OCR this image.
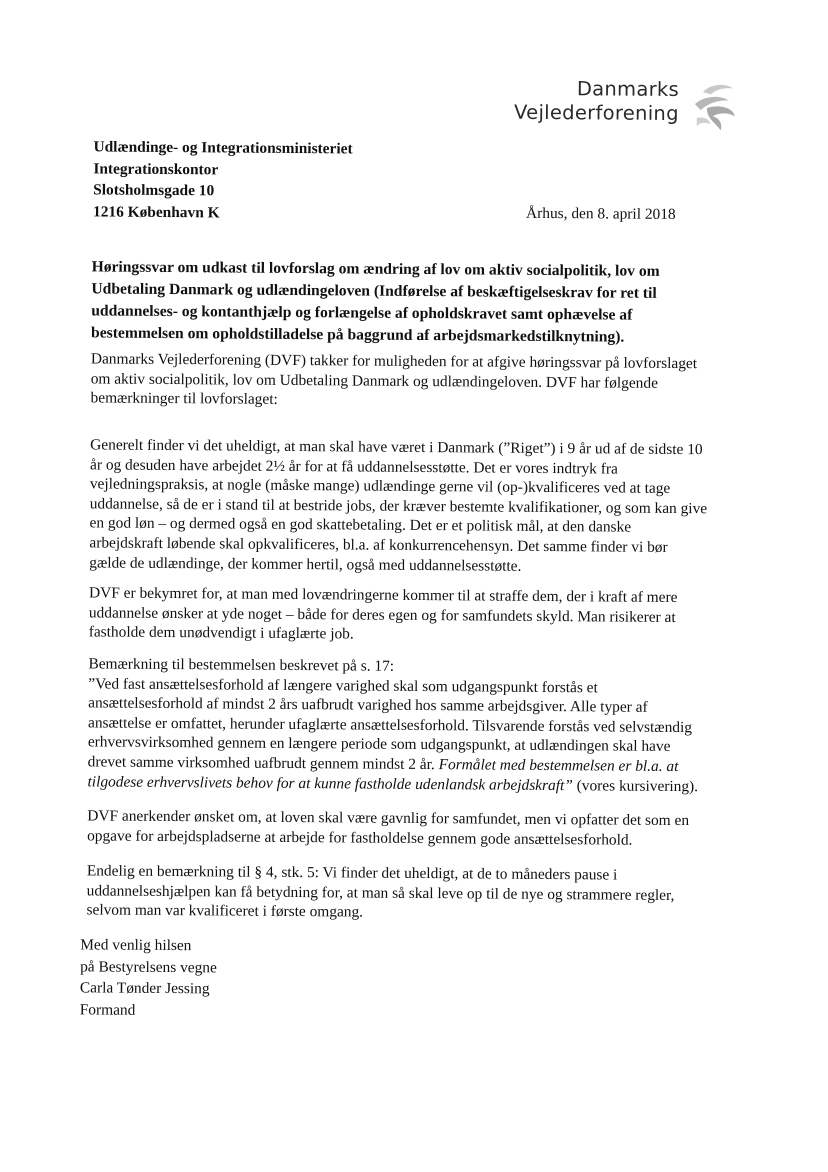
Danmarks
Vejlederforening
Udlændinge- og Integrationsministeriet
Integrationskontor
Slotsholmsgade 10
1216 København K	Århus, den 8. april 2018
Høringssvar om udkast til lovforslag om ændring af lov om aktiv socialpolitik, lov om
Udbetaling Danmark og udlændingeloven (Indførelse af beskæftigelseskrav for ret til
uddannelses- og kontanthjælp og forlængelse af opholdskravet samt ophævelse af
bestemmelsen om opholdstilladelse på baggrund af arbejdsmarkedstilknytning).
Danmarks Vejlederforening (DVF) takker for muligheden for at afgive høringssvar på lovforslaget
om aktiv socialpolitik, lov om Udbetaling Danmark og udlændingeloven. DVF har følgende
bemærkninger til lovforslaget:
Generelt finder vi det uheldigt, at man skal have været i Danmark (”Riget”) i 9 år ud af de sidste 10
år og desuden have arbejdet 2½ år for at få uddannelsesstøtte. Det er vores indtryk fra
vejledningspraksis, at nogle (måske mange) udlændinge gerne vil (op-)kvalificeres ved at tage
uddannelse, så de er i stand til at bestride jobs, der kræver bestemte kvalifikationer, og som kan give
en god løn – og dermed også en god skattebetaling. Det er et politisk mål, at den danske
arbejdskraft løbende skal opkvalificeres, bl.a. af konkurrencehensyn. Det samme finder vi bør
gælde de udlændinge, der kommer hertil, også med uddannelsesstøtte.
DVF er bekymret for, at man med lovændringerne kommer til at straffe dem, der i kraft af mere
uddannelse ønsker at yde noget – både for deres egen og for samfundets skyld. Man risikerer at
fastholde dem unødvendigt i ufaglærte job.
Bemærkning til bestemmelsen beskrevet på s. 17:
”Ved fast ansættelsesforhold af længere varighed skal som udgangspunkt forstås et
ansættelsesforhold af mindst 2 års uafbrudt varighed hos samme arbejdsgiver. Alle typer af
ansættelse er omfattet, herunder ufaglærte ansættelsesforhold. Tilsvarende forstås ved selvstændig
erhvervsvirksomhed gennem en længere periode som udgangspunkt, at udlændingen skal have
drevet samme virksomhed uafbrudt gennem mindst 2 år. Formålet med bestemmelsen er bl.a. at
tilgodese erhvervslivets behov for at kunne fastholde udenlandsk arbejdskraft” (vores kursivering).
DVF anerkender ønsket om, at loven skal være gavnlig for samfundet, men vi opfatter det som en
opgave for arbejdspladserne at arbejde for fastholdelse gennem gode ansættelsesforhold.
Endelig en bemærkning til § 4, stk. 5: Vi finder det uheldigt, at de to måneders pause i
uddannelseshjælpen kan få betydning for, at man så skal leve op til de nye og strammere regler,
selvom man var kvalificeret i første omgang.
Med venlig hilsen
på Bestyrelsens vegne
Carla Tønder Jessing
Formand
